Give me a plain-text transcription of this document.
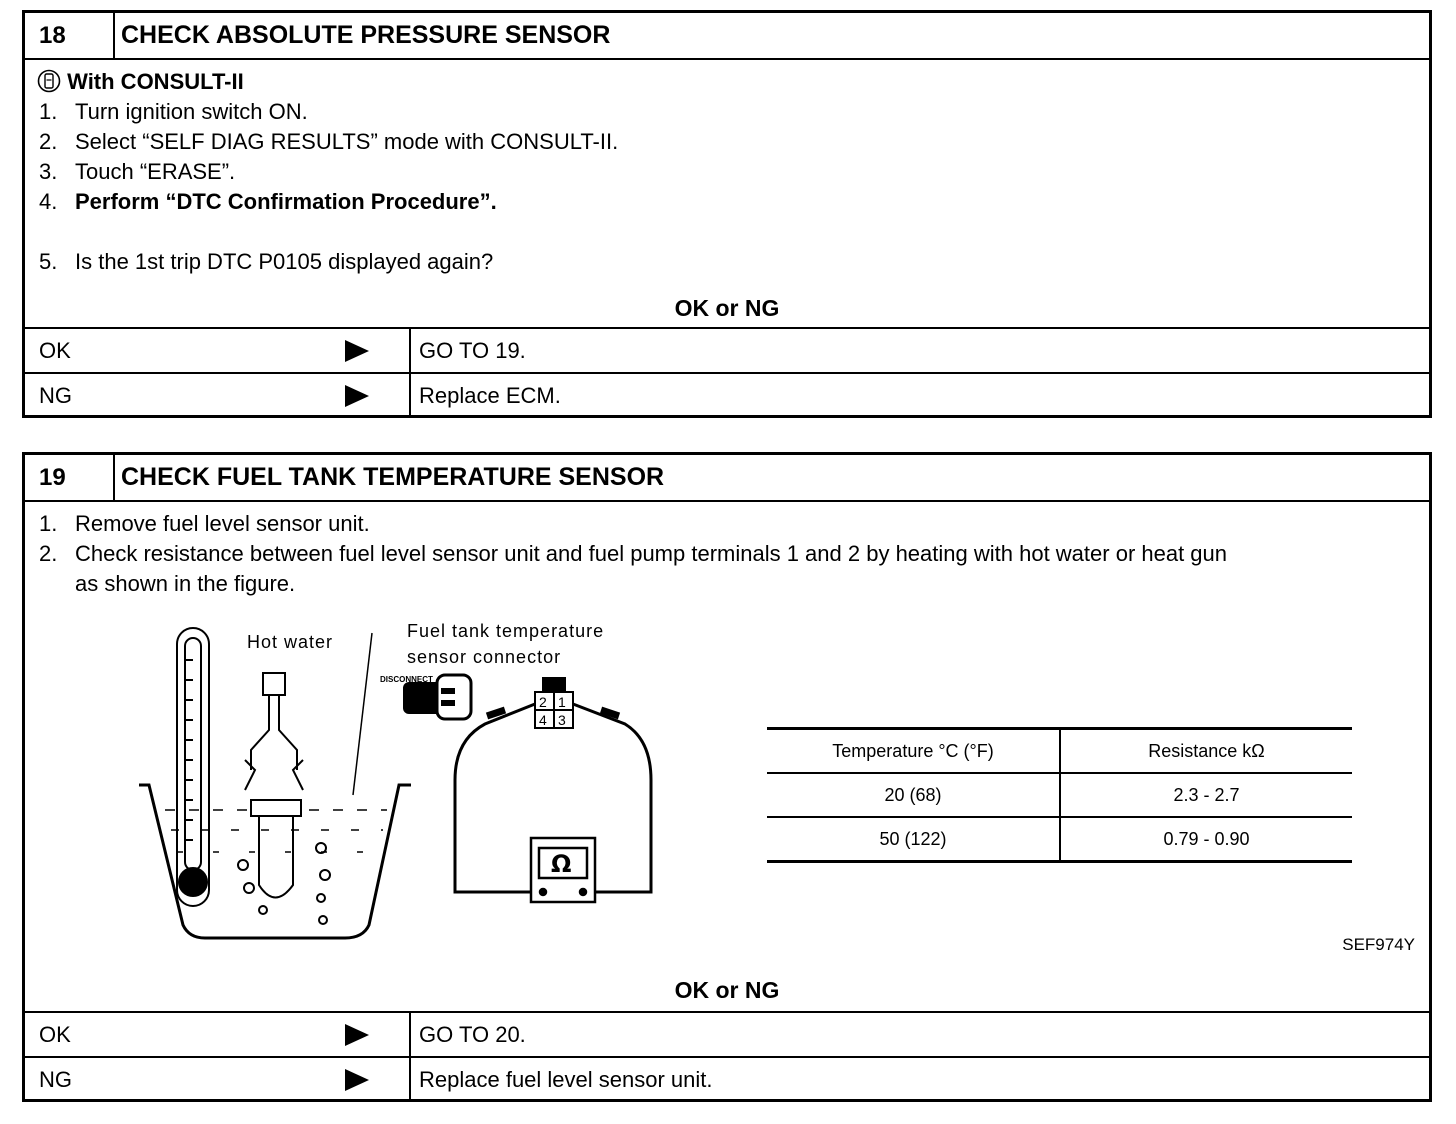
18	CHECK ABSOLUTE PRESSURE SENSOR
With CONSULT-II
1. Turn ignition switch ON.
2. Select “SELF DIAG RESULTS” mode with CONSULT-II.
3. Touch “ERASE”.
4. Perform “DTC Confirmation Procedure”.
5. Is the 1st trip DTC P0105 displayed again?
OK or NG
OK	GO TO 19.
NG	Replace ECM.
19	CHECK FUEL TANK TEMPERATURE SENSOR
1. Remove fuel level sensor unit.
2. Check resistance between fuel level sensor unit and fuel pump terminals 1 and 2 by heating with hot water or heat gun
as shown in the figure.
2 1
4 3
Ω
Hot water
Fuel tank temperature
sensor connector
DISCONNECT
Temperature °C (°F)	Resistance kΩ
20 (68)	2.3 - 2.7
50 (122)	0.79 - 0.90
SEF974Y
OK or NG
OK	GO TO 20.
NG	Replace fuel level sensor unit.
